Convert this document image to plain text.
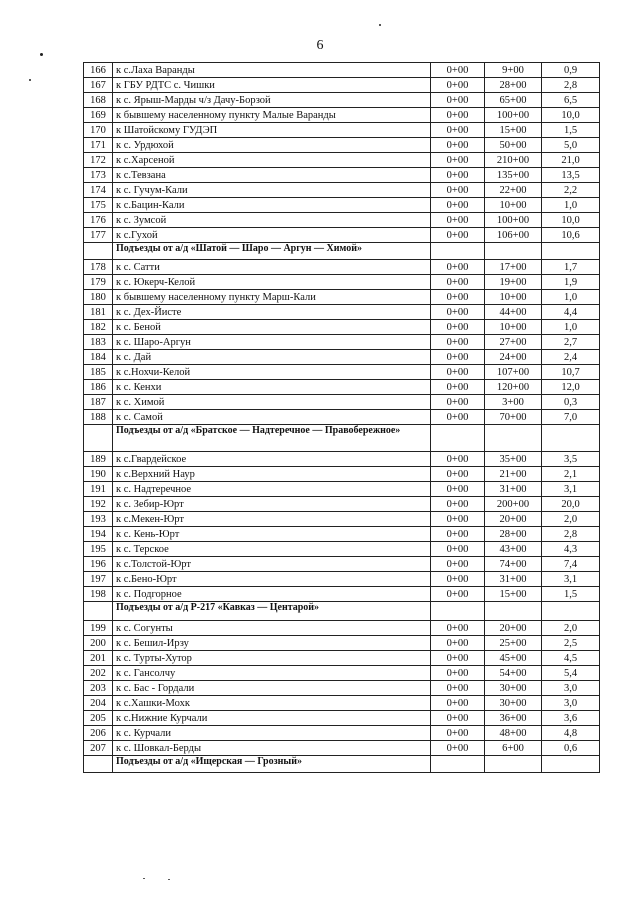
6
166	к с.Лаха Варанды	0+00	9+00	0,9
167	к ГБУ РДТС с. Чишки	0+00	28+00	2,8
168	к с. Ярыш-Марды ч/з Дачу-Борзой	0+00	65+00	6,5
169	к бывшему населенному пункту Малые Варанды	0+00	100+00	10,0
170	к Шатойскому ГУДЭП	0+00	15+00	1,5
171	к с. Урдюхой	0+00	50+00	5,0
172	к с.Харсеной	0+00	210+00	21,0
173	к с.Тевзана	0+00	135+00	13,5
174	к с. Гучум-Кали	0+00	22+00	2,2
175	к с.Бацин-Кали	0+00	10+00	1,0
176	к с. Зумсой	0+00	100+00	10,0
177	к с.Гухой	0+00	106+00	10,6
	Подъезды от а/д «Шатой — Шаро — Аргун — Химой»			
178	к с. Сатти	0+00	17+00	1,7
179	к с. Юкерч-Келой	0+00	19+00	1,9
180	к бывшему населенному пункту Марш-Кали	0+00	10+00	1,0
181	к с. Дех-Йисте	0+00	44+00	4,4
182	к с. Беной	0+00	10+00	1,0
183	к с. Шаро-Аргун	0+00	27+00	2,7
184	к с. Дай	0+00	24+00	2,4
185	к с.Нохчи-Келой	0+00	107+00	10,7
186	к с. Кенхи	0+00	120+00	12,0
187	к с. Химой	0+00	3+00	0,3
188	к с. Самой	0+00	70+00	7,0
	Подъезды от а/д «Братское — Надтеречное — Правобережное»			
189	к с.Гвардейское	0+00	35+00	3,5
190	к с.Верхний Наур	0+00	21+00	2,1
191	к с. Надтеречное	0+00	31+00	3,1
192	к с. Зебир-Юрт	0+00	200+00	20,0
193	к с.Мекен-Юрт	0+00	20+00	2,0
194	к с. Кень-Юрт	0+00	28+00	2,8
195	к с. Терское	0+00	43+00	4,3
196	к с.Толстой-Юрт	0+00	74+00	7,4
197	к с.Бено-Юрт	0+00	31+00	3,1
198	к с. Подгорное	0+00	15+00	1,5
	Подъезды от а/д Р-217 «Кавказ — Центарой»			
199	к с. Согунты	0+00	20+00	2,0
200	к с. Бешил-Ирзу	0+00	25+00	2,5
201	к с. Турты-Хутор	0+00	45+00	4,5
202	к с. Гансолчу	0+00	54+00	5,4
203	к с. Бас - Гордали	0+00	30+00	3,0
204	к с.Хашки-Мохк	0+00	30+00	3,0
205	к с.Нижние Курчали	0+00	36+00	3,6
206	к с. Курчали	0+00	48+00	4,8
207	к с. Шовкал-Берды	0+00	6+00	0,6
	Подъезды от а/д «Ищерская — Грозный»			
